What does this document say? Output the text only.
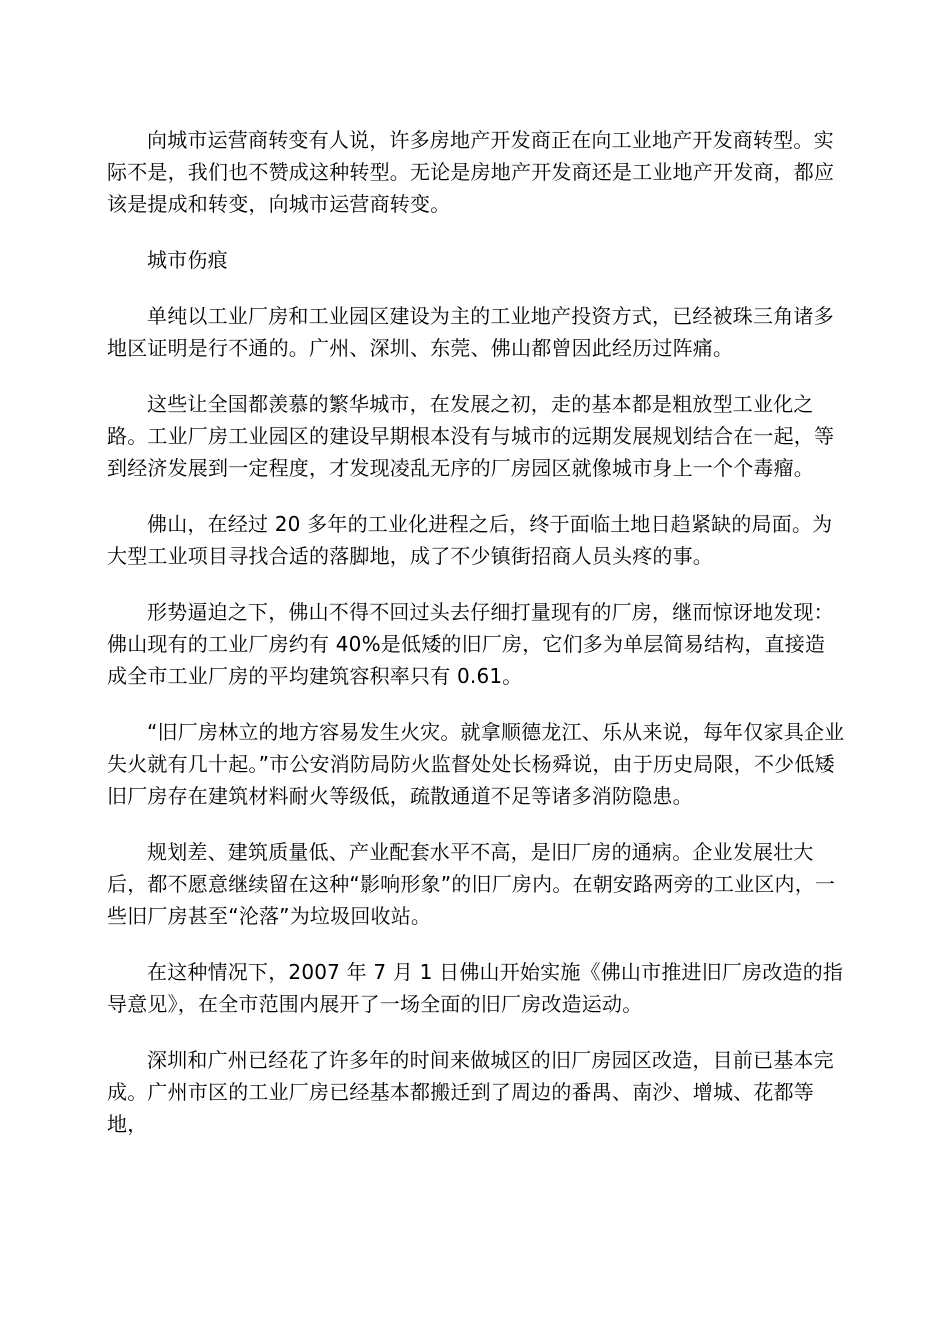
向城市运营商转变有人说，许多房地产开发商正在向工业地产开发商转型。实际不是，我们也不赞成这种转型。无论是房地产开发商还是工业地产开发商，都应该是提成和转变，向城市运营商转变。

城市伤痕

单纯以工业厂房和工业园区建设为主的工业地产投资方式，已经被珠三角诸多地区证明是行不通的。广州、深圳、东莞、佛山都曾因此经历过阵痛。

这些让全国都羡慕的繁华城市，在发展之初，走的基本都是粗放型工业化之路。工业厂房工业园区的建设早期根本没有与城市的远期发展规划结合在一起，等到经济发展到一定程度，才发现凌乱无序的厂房园区就像城市身上一个个毒瘤。

佛山，在经过 20 多年的工业化进程之后，终于面临土地日趋紧缺的局面。为大型工业项目寻找合适的落脚地，成了不少镇街招商人员头疼的事。

形势逼迫之下，佛山不得不回过头去仔细打量现有的厂房，继而惊讶地发现：佛山现有的工业厂房约有 40%是低矮的旧厂房，它们多为单层简易结构，直接造成全市工业厂房的平均建筑容积率只有 0.61。

“旧厂房林立的地方容易发生火灾。就拿顺德龙江、乐从来说，每年仅家具企业失火就有几十起。”市公安消防局防火监督处处长杨舜说，由于历史局限，不少低矮旧厂房存在建筑材料耐火等级低，疏散通道不足等诸多消防隐患。

规划差、建筑质量低、产业配套水平不高，是旧厂房的通病。企业发展壮大后，都不愿意继续留在这种“影响形象”的旧厂房内。在朝安路两旁的工业区内，一些旧厂房甚至“沦落”为垃圾回收站。

在这种情况下，2007 年 7 月 1 日佛山开始实施《佛山市推进旧厂房改造的指导意见》，在全市范围内展开了一场全面的旧厂房改造运动。

深圳和广州已经花了许多年的时间来做城区的旧厂房园区改造，目前已基本完成。广州市区的工业厂房已经基本都搬迁到了周边的番禺、南沙、增城、花都等地，
